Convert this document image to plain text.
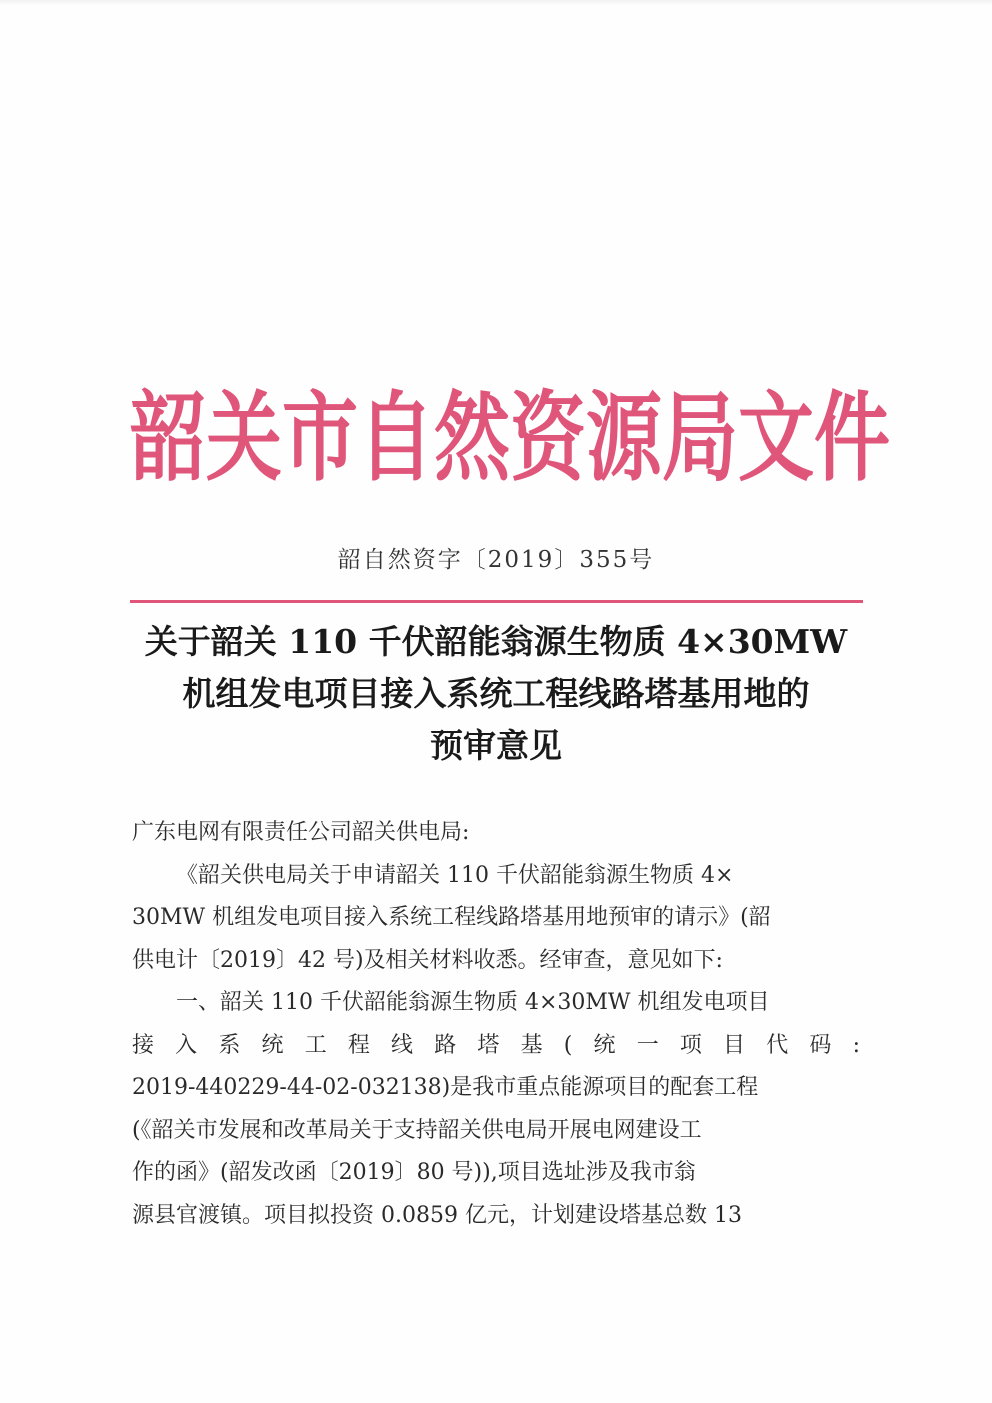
韶关市自然资源局文件
韶自然资字〔2019〕355号
关于韶关 110 千伏韶能翁源生物质 4×30MW
机组发电项目接入系统工程线路塔基用地的
预审意见
广东电网有限责任公司韶关供电局:
《韶关供电局关于申请韶关 110 千伏韶能翁源生物质 4×
30MW 机组发电项目接入系统工程线路塔基用地预审的请示》(韶
供电计〔2019〕42 号)及相关材料收悉。经审查，意见如下:
一、韶关 110 千伏韶能翁源生物质 4×30MW 机组发电项目
接入系统工程线路塔基(统一项目代码:
2019-440229-44-02-032138)是我市重点能源项目的配套工程
(《韶关市发展和改革局关于支持韶关供电局开展电网建设工
作的函》(韶发改函〔2019〕80 号)),项目选址涉及我市翁
源县官渡镇。项目拟投资 0.0859 亿元，计划建设塔基总数 13
